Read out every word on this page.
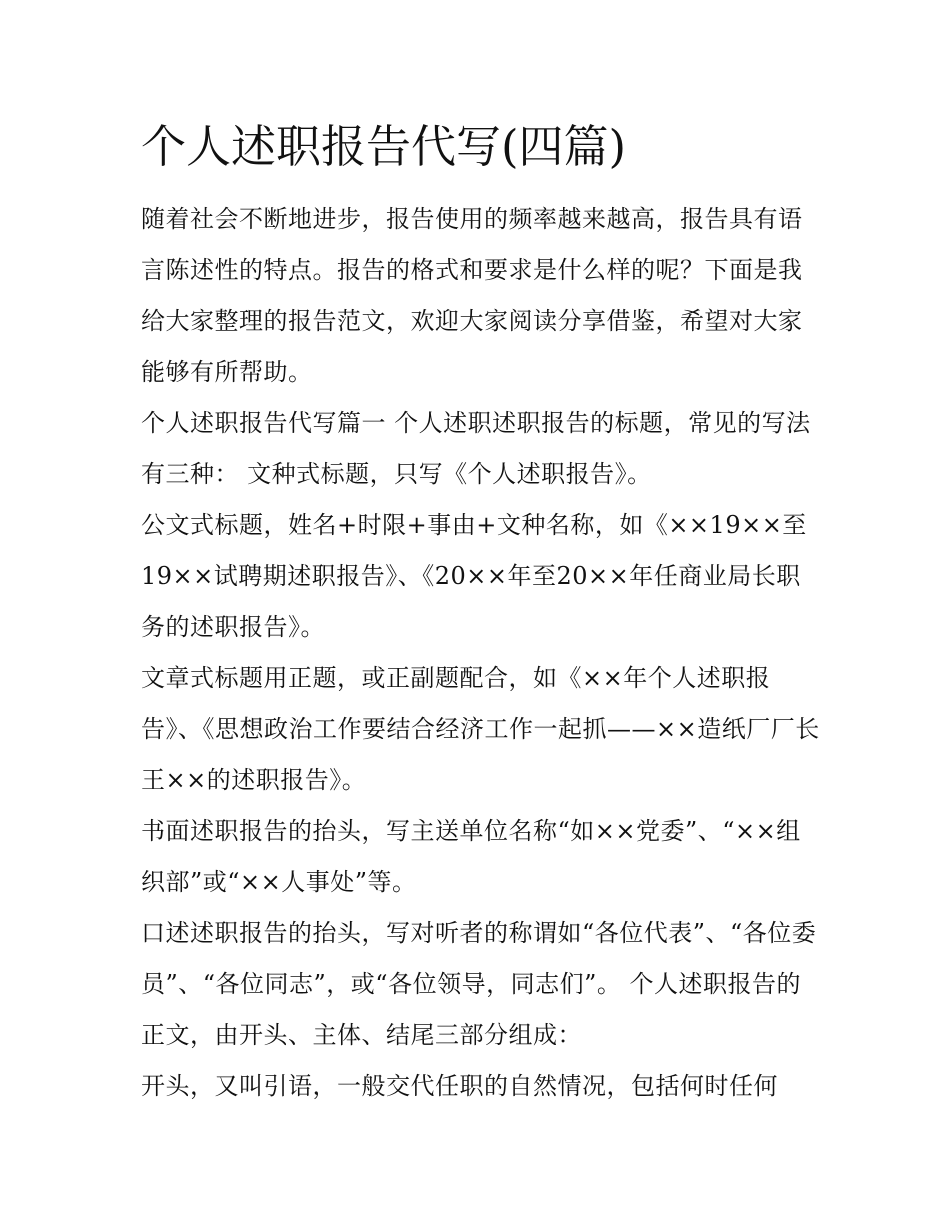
个人述职报告代写(四篇)

随着社会不断地进步，报告使用的频率越来越高，报告具有语言陈述性的特点。报告的格式和要求是什么样的呢？下面是我给大家整理的报告范文，欢迎大家阅读分享借鉴，希望对大家能够有所帮助。

个人述职报告代写篇一 个人述职述职报告的标题，常见的写法有三种： 文种式标题，只写《个人述职报告》。

公文式标题，姓名+时限+事由+文种名称，如《××19××至19××试聘期述职报告》、《20××年至20××年任商业局长职务的述职报告》。

文章式标题用正题，或正副题配合，如《××年个人述职报告》、《思想政治工作要结合经济工作一起抓——××造纸厂厂长王××的述职报告》。

书面述职报告的抬头，写主送单位名称“如××党委”、“××组织部”或“××人事处”等。

口述述职报告的抬头，写对听者的称谓如“各位代表”、“各位委员”、“各位同志”，或“各位领导，同志们”。 个人述职报告的正文，由开头、主体、结尾三部分组成：

开头，又叫引语，一般交代任职的自然情况，包括何时任何
